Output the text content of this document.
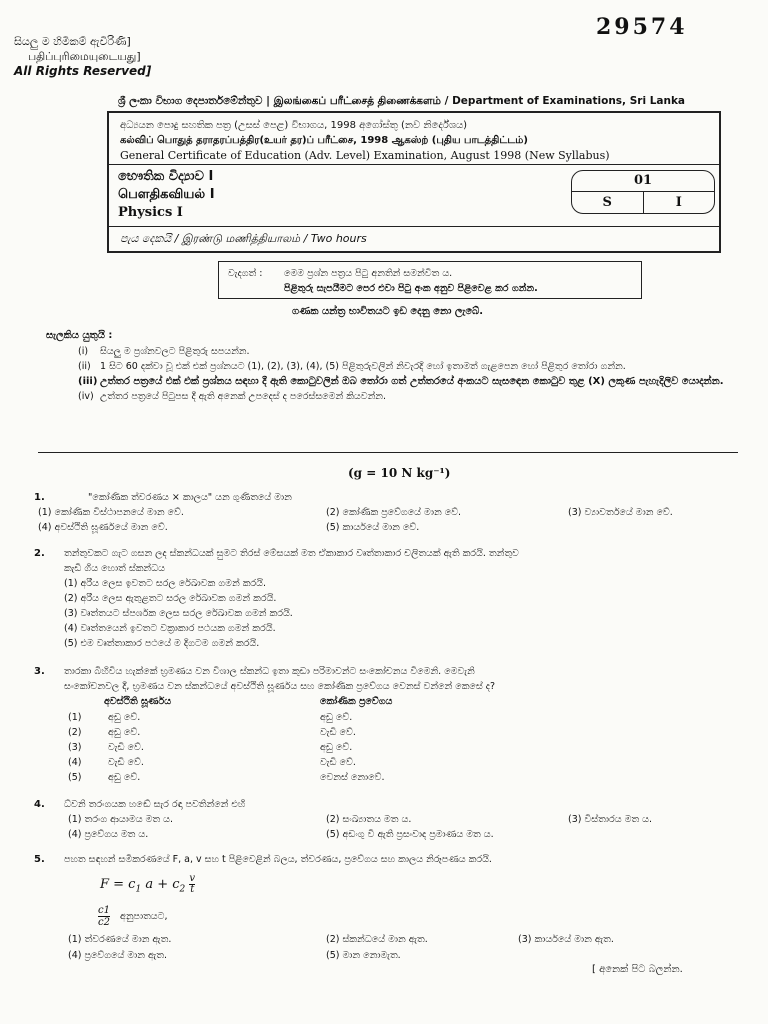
29574
සියලු ම හිමිකම් ඇවිරිණි]
பதிப்புரிமையுடையது]
All Rights Reserved]
ශ්‍රී ලංකා විභාග දෙපාර්තමේන්තුව | இலங்கைப் பரீட்சைத் திணைக்களம் / Department of Examinations, Sri Lanka
අධ්‍යයන පොදු සහතික පත්‍ර (උසස් පෙළ) විභාගය, 1998 අගෝස්තු (නව නිර්දේශය)
கல்விப் பொதுத் தராதரப்பத்திர(உயர் தர)ப் பரீட்சை, 1998 ஆகஸ்ற் (புதிய பாடத்திட்டம்)
General Certificate of Education (Adv. Level) Examination, August 1998 (New Syllabus)
භෞතික විද්‍යාව I
பௌதிகவியல் I
Physics I
01
S	I
පැය දෙකයි / இரண்டு மணித்தியாலம் / Two hours
වැදගත් : මෙම ප්‍රශ්න පත්‍රය පිටු අනතින් සමන්විත ය.
පිළිතුරු සැපයීමට පෙර එවා පිටු අංක අනුව පිළිවෙළ කර ගන්න.
ගණක යන්ත්‍ර භාවිතයට ඉඩ දෙනු නො ලැබේ.
සැලකිය යුතුයි :
(i)	සියලු ම ප්‍රශ්නවලට පිළිතුරු සපයන්න.
(ii) 1 සිට 60 දක්වා වූ එක් එක් ප්‍රශ්නයට (1), (2), (3), (4), (5) පිළිතුරුවලින් නිවැරදි හෝ ඉතාමත් ගැළපෙන හෝ පිළිතුර තෝරා ගන්න.
(iii) උත්තර පත්‍රයේ එක් එක් ප්‍රශ්නය සඳහා දී ඇති කොටුවලින් ඔබ තෝරා ගත් උත්තරයේ අංකයට සැසඳෙන කොටුව තුළ (X) ලකුණ පැහැදිලිව යොදන්න.
(iv) උත්තර පත්‍රයේ පිටුපස දී ඇති අනෙක් උපදෙස් ද පරෙස්සමෙන් කියවන්න.
(g = 10 N kg⁻¹)
1.	"කෝණික ත්වරණය × කාලය" යන ගුණිතයේ මාන
(1) කෝණික විස්ථාපනයේ මාන වේ.	(2) කෝණික ප්‍රවේගයේ මාන වේ.	(3) ව්‍යාවර්තයේ මාන වේ.
(4) අවස්ථිති ඝූර්ණයේ මාන වේ.	(5) කාර්යයේ මාන වේ.
2.	තන්තුවකට ගැට ගසන ලද ස්කන්ධයක් සුමට තිරස් මේසයක් මත ඒකාකාර වෘත්තාකාර චලිතයක් ඇති කරයි. තන්තුව
කැඩී ගිය හොත් ස්කන්ධය
(1) අරීය ලෙස ඉවතට සරල රේඛාවක ගමන් කරයි.
(2) අරීය ලෙස ඇතුළතට සරල රේඛාවක ගමන් කරයි.
(3) වෘත්තයට ස්පර්ශක ලෙස සරල රේඛාවක ගමන් කරයි.
(4) වෘත්තයෙන් ඉවතට වක්‍රාකාර පථයක ගමන් කරයි.
(5) එම වෘත්තාකාර පථයේ ම දිගටම ගමන් කරයි.
3.	තාරකා බිහිවිය හැක්කේ භ්‍රමණය වන විශාල ස්කන්ධ ඉතා කුඩා පරිමාවන්ට සංකෝචනය වීමෙනි. මෙවැනි
සංකෝචනවල දී, භ්‍රමණය වන ස්කන්ධයේ අවස්ථිති ඝූර්ණය සහ කෝණික ප්‍රවේගය වෙනස් වන්නේ කෙසේ ද?
අවස්ථිති ඝූර්ණය	කෝණික ප්‍රවේගය
(1)	අඩු වේ.	අඩු වේ.
(2)	අඩු වේ.	වැඩි වේ.
(3)	වැඩි වේ.	අඩු වේ.
(4)	වැඩි වේ.	වැඩි වේ.
(5)	අඩු වේ.	වෙනස් නොවේ.
4.	ධ්වනි තරංගයක හඬේ සැර රඳා පවතින්නේ එහි
(1) තරංග ආයාමය මත ය.	(2) සංඛ්‍යාතය මත ය.	(3) විස්තාරය මත ය.
(4) ප්‍රවේගය මත ය.	(5) අඩංගු වී ඇති ප්‍රසංවාද ප්‍රමාණය මත ය.
5.	පහත සඳහන් සමීකරණයේ F, a, v සහ t පිළිවෙළින් බලය, ත්වරණය, ප්‍රවේගය සහ කාලය නිරූපණය කරයි.
$F = c_1$ $a + c_2 \frac{v}{t}$
$\frac{c1}{c2}$ අනුපාතයට,
(1) ත්වරණයේ මාන ඇත.	(2) ස්කන්ධයේ මාන ඇත.	(3) කාර්යයේ මාන ඇත.
(4) ප්‍රවේගයේ මාන ඇත.	(5) මාන නොමැත.
[ අනෙක් පිට බලන්න.
